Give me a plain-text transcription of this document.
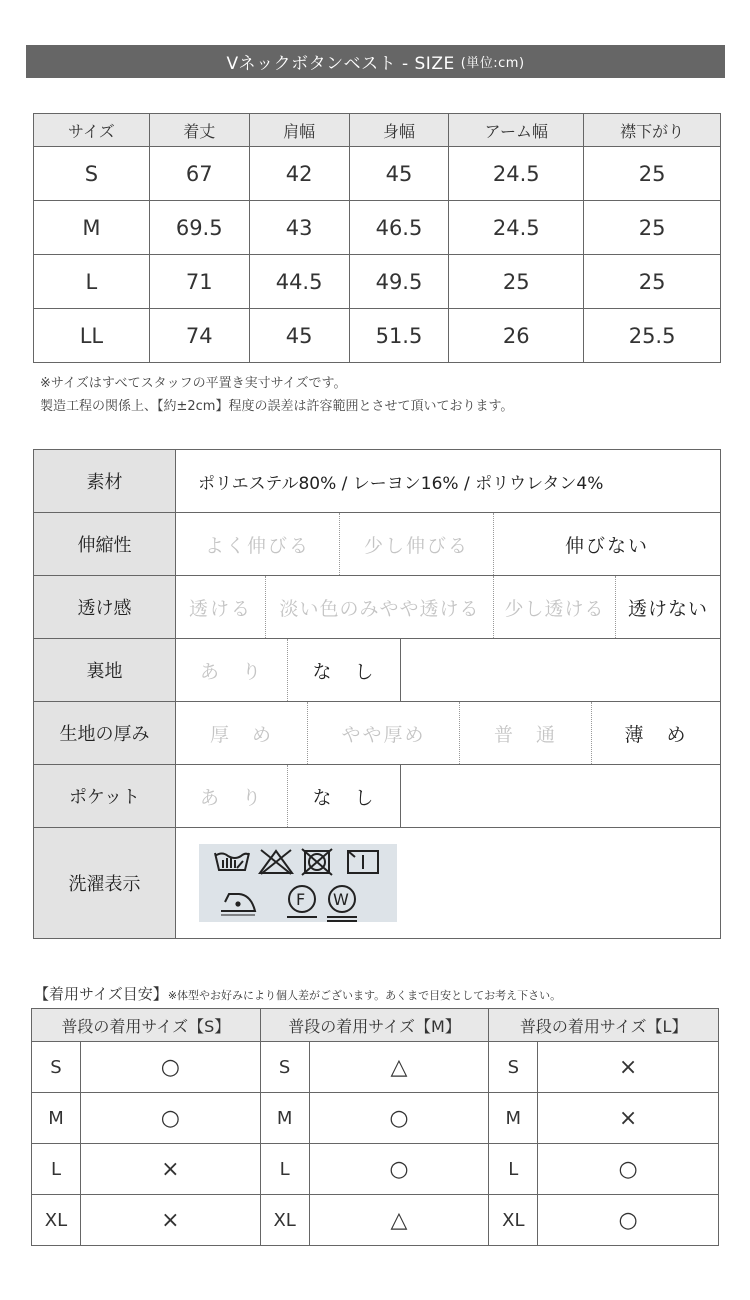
Vネックボタンベスト - SIZE (単位:cm)
サイズ	着丈	肩幅	身幅	アーム幅	襟下がり
S	67	42	45	24.5	25
M	69.5	43	46.5	24.5	25
L	71	44.5	49.5	25	25
LL	74	45	51.5	26	25.5
※サイズはすべてスタッフの平置き実寸サイズです。
製造工程の関係上、【約±2cm】程度の誤差は許容範囲とさせて頂いております。
素材	ポリエステル80% / レーヨン16% / ポリウレタン4%

伸縮性	よく伸びる 少し伸びる 伸びない

透け感	透ける 淡い色のみやや透ける 少し透ける 透けない

裏地	あ　り な　し

生地の厚み	厚　め やや厚め 普　通 薄　め

ポケット	あ　り な　し

洗濯表示	F W
【着用サイズ目安】※体型やお好みにより個人差がございます。あくまで目安としてお考え下さい。
普段の着用サイズ【S】		普段の着用サイズ【M】		普段の着用サイズ【L】	
S	○	S	△	S	×
M	○	M	○	M	×
L	×	L	○	L	○
XL	×	XL	△	XL	○
